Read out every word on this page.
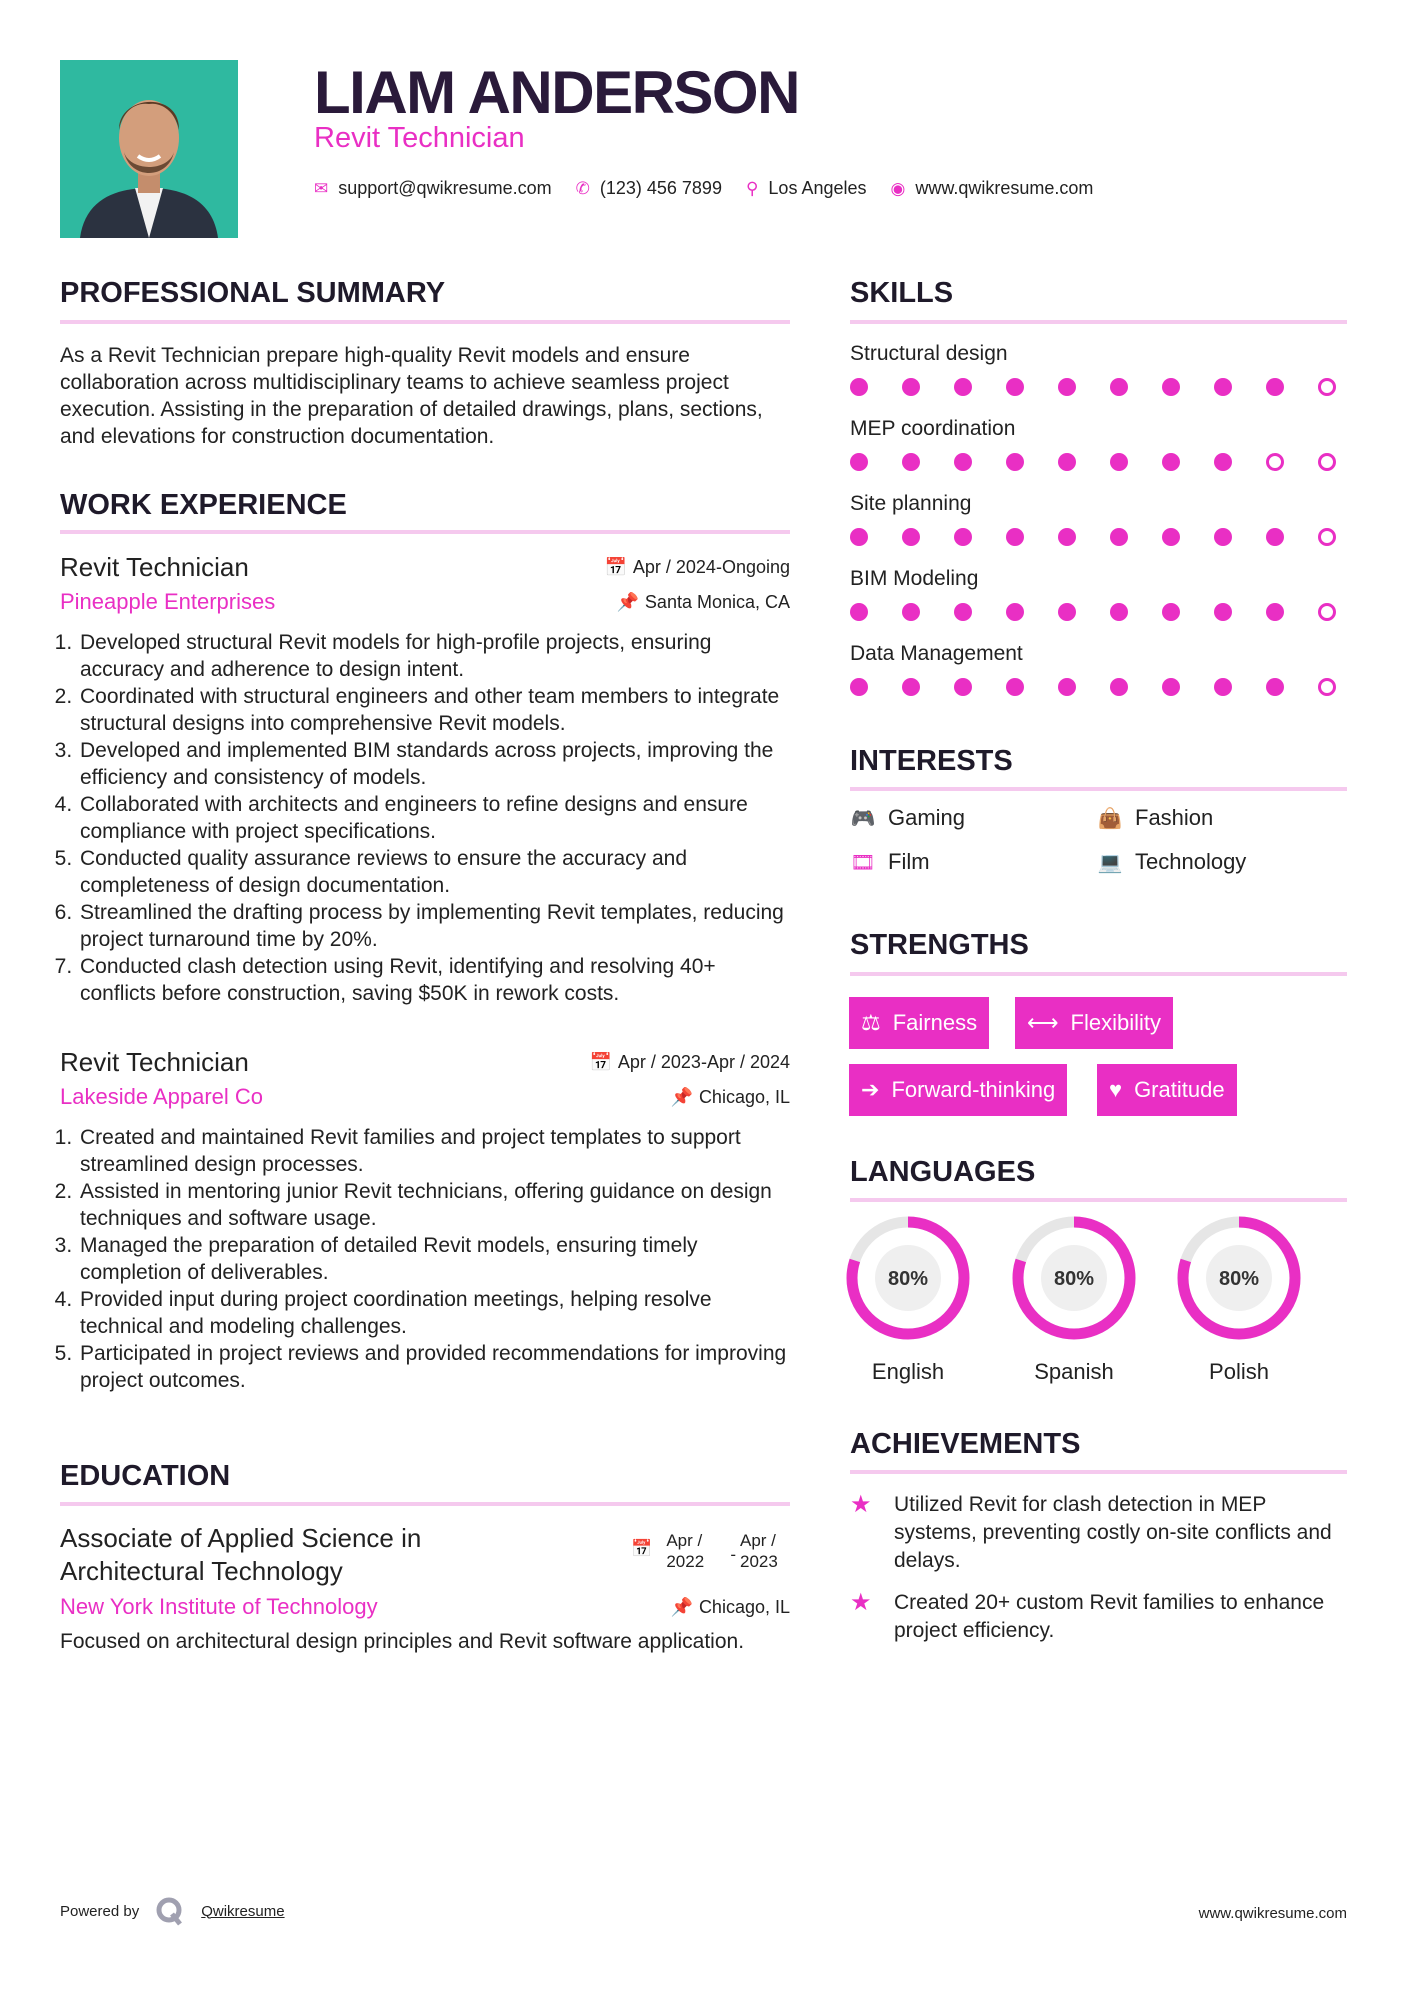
LIAM ANDERSON
Revit Technician
✉ support@qwikresume.com ✆ (123) 456 7899 ⚲ Los Angeles ◉ www.qwikresume.com
PROFESSIONAL SUMMARY
As a Revit Technician prepare high-quality Revit models and ensure collaboration across multidisciplinary teams to achieve seamless project execution. Assisting in the preparation of detailed drawings, plans, sections, and elevations for construction documentation.
WORK EXPERIENCE
Revit Technician	📅 Apr / 2024-Ongoing
Pineapple Enterprises	📌 Santa Monica, CA
1. Developed structural Revit models for high-profile projects, ensuring accuracy and adherence to design intent.
2. Coordinated with structural engineers and other team members to integrate structural designs into comprehensive Revit models.
3. Developed and implemented BIM standards across projects, improving the efficiency and consistency of models.
4. Collaborated with architects and engineers to refine designs and ensure compliance with project specifications.
5. Conducted quality assurance reviews to ensure the accuracy and completeness of design documentation.
6. Streamlined the drafting process by implementing Revit templates, reducing project turnaround time by 20%.
7. Conducted clash detection using Revit, identifying and resolving 40+ conflicts before construction, saving $50K in rework costs.
Revit Technician	📅 Apr / 2023-Apr / 2024
Lakeside Apparel Co	📌 Chicago, IL
1. Created and maintained Revit families and project templates to support streamlined design processes.
2. Assisted in mentoring junior Revit technicians, offering guidance on design techniques and software usage.
3. Managed the preparation of detailed Revit models, ensuring timely completion of deliverables.
4. Provided input during project coordination meetings, helping resolve technical and modeling challenges.
5. Participated in project reviews and provided recommendations for improving project outcomes.
EDUCATION
Associate of Applied Science in Architectural Technology
📅 Apr / 2022	-
Apr / 2023
New York Institute of Technology	📌 Chicago, IL
Focused on architectural design principles and Revit software application.
SKILLS
Structural design
MEP coordination
Site planning
BIM Modeling
Data Management
INTERESTS
🎮 Gaming	👜 Fashion
🎞 Film	💻 Technology
STRENGTHS
⚖ Fairness ⟷ Flexibility
➔ Forward-thinking ♥ Gratitude
LANGUAGES
80%
English
80%
Spanish
80%
Polish
ACHIEVEMENTS
★	Utilized Revit for clash detection in MEP systems, preventing costly on-site conflicts and delays.
★	Created 20+ custom Revit families to enhance project efficiency.
Powered by	Qwikresume	www.qwikresume.com
